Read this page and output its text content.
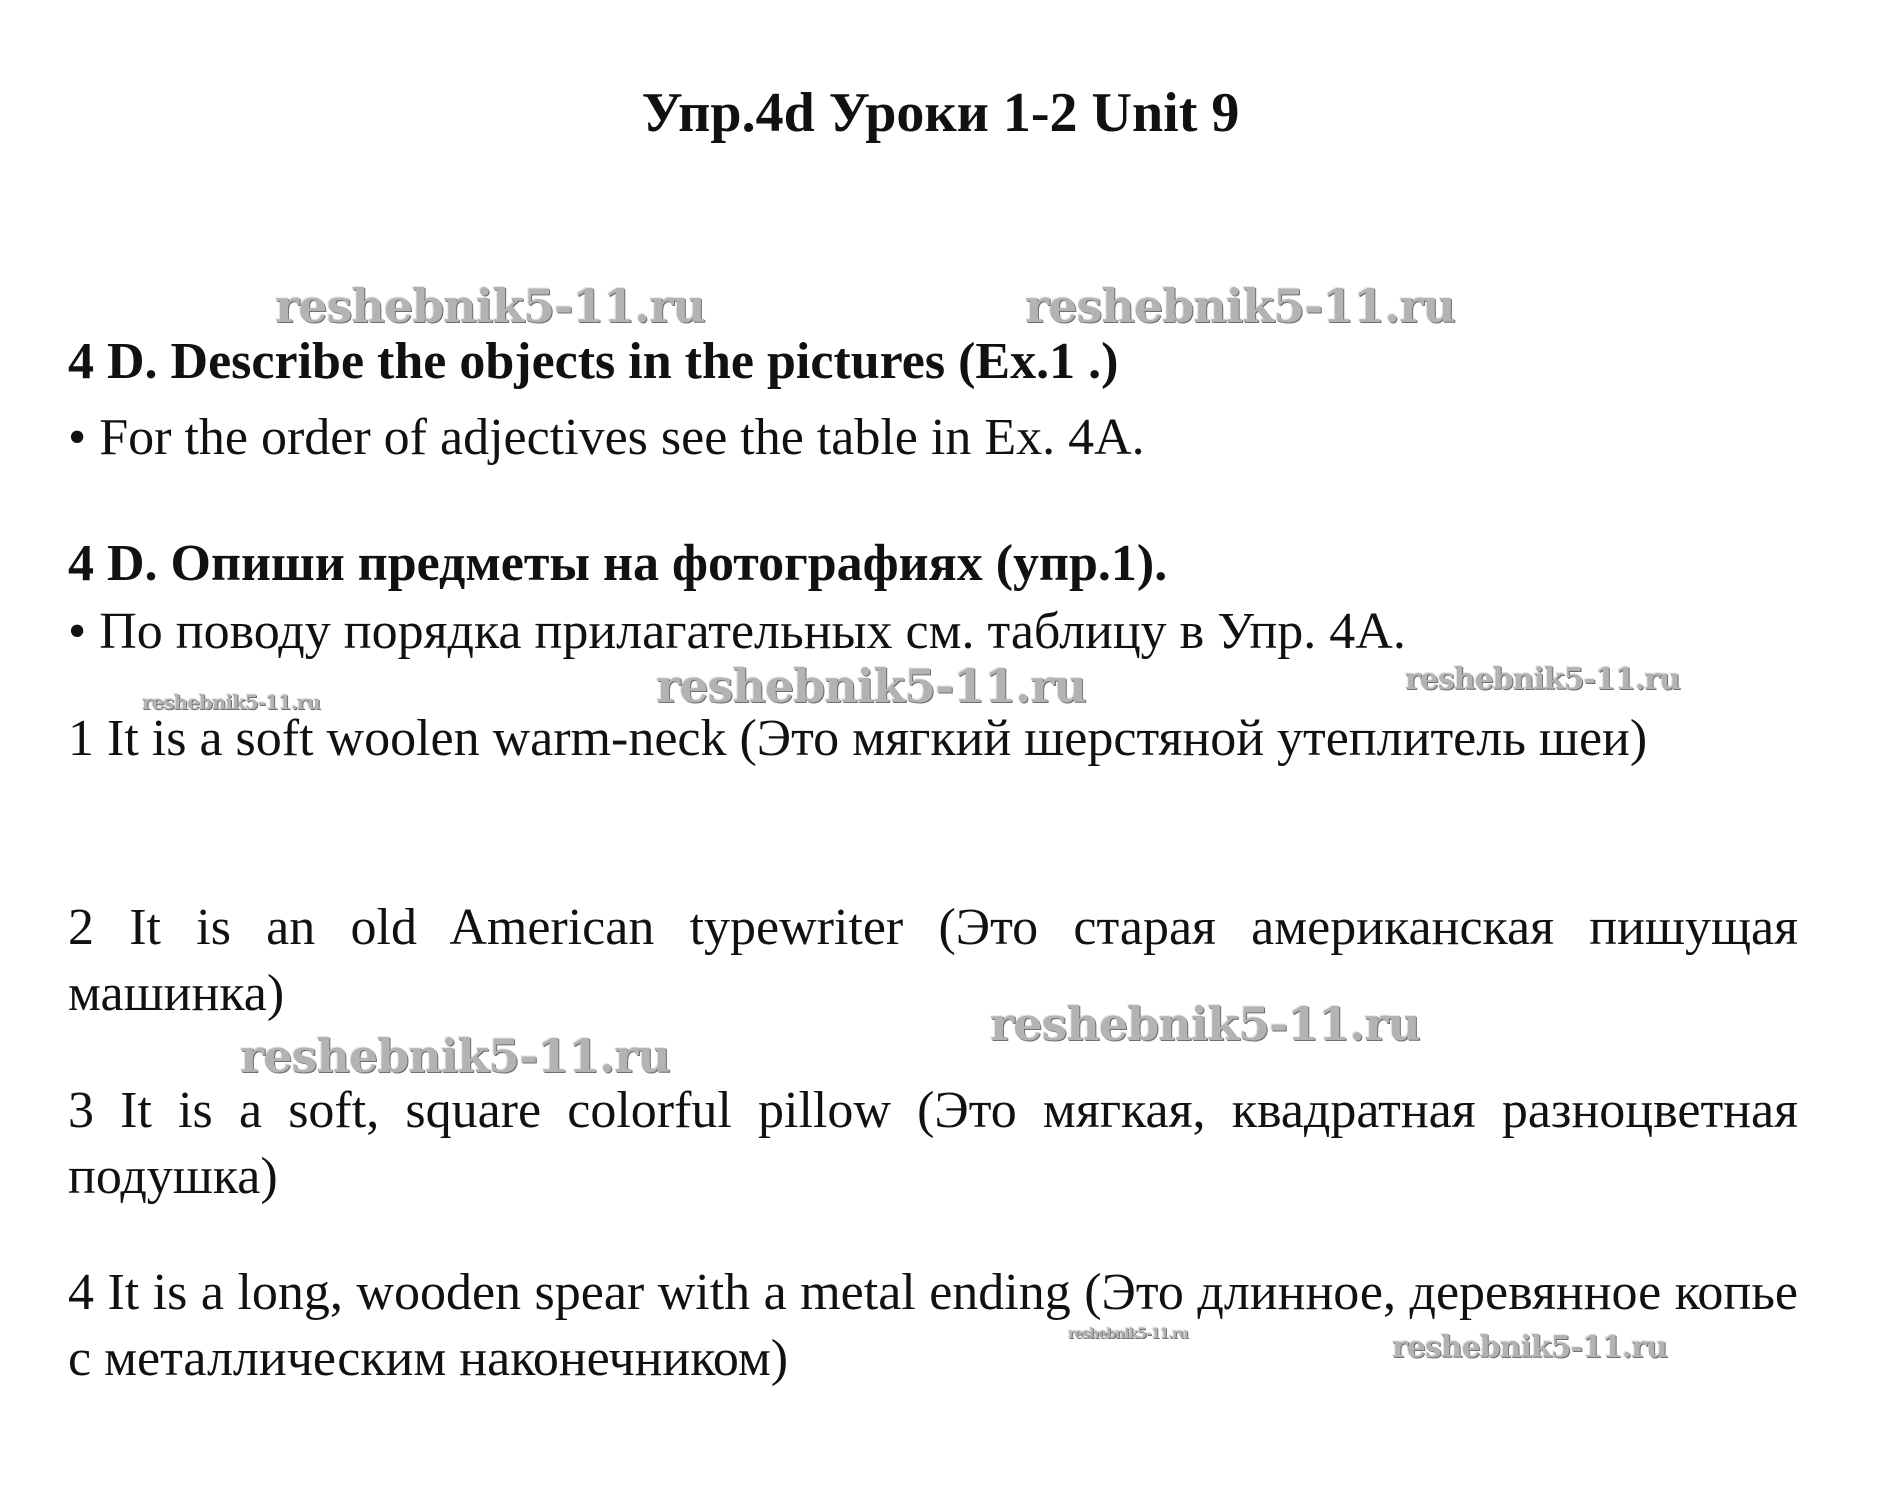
Упр.4d Уроки 1-2 Unit 9
reshebnik5-11.ru	reshebnik5-11.ru
4 D. Describe the objects in the pictures (Ex.1 .)
• For the order of adjectives see the table in Ex. 4A.
4 D. Опиши предметы на фотографиях (упр.1).
• По поводу порядка прилагательных см. таблицу в Упр. 4А.
reshebnik5-11.ru	reshebnik5-11.ru	reshebnik5-11.ru
1 It is a soft woolen warm-neck (Это мягкий шерстяной утеплитель шеи)
2 It is an old American typewriter (Это старая американская пишущая машинка)
reshebnik5-11.ru
reshebnik5-11.ru
3 It is a soft, square colorful pillow (Это мягкая, квадратная разноцветная подушка)
4 It is a long, wooden spear with a metal ending (Это длинное, деревянное копье с металлическим наконечником)	reshebnik5-11.ru	reshebnik5-11.ru
